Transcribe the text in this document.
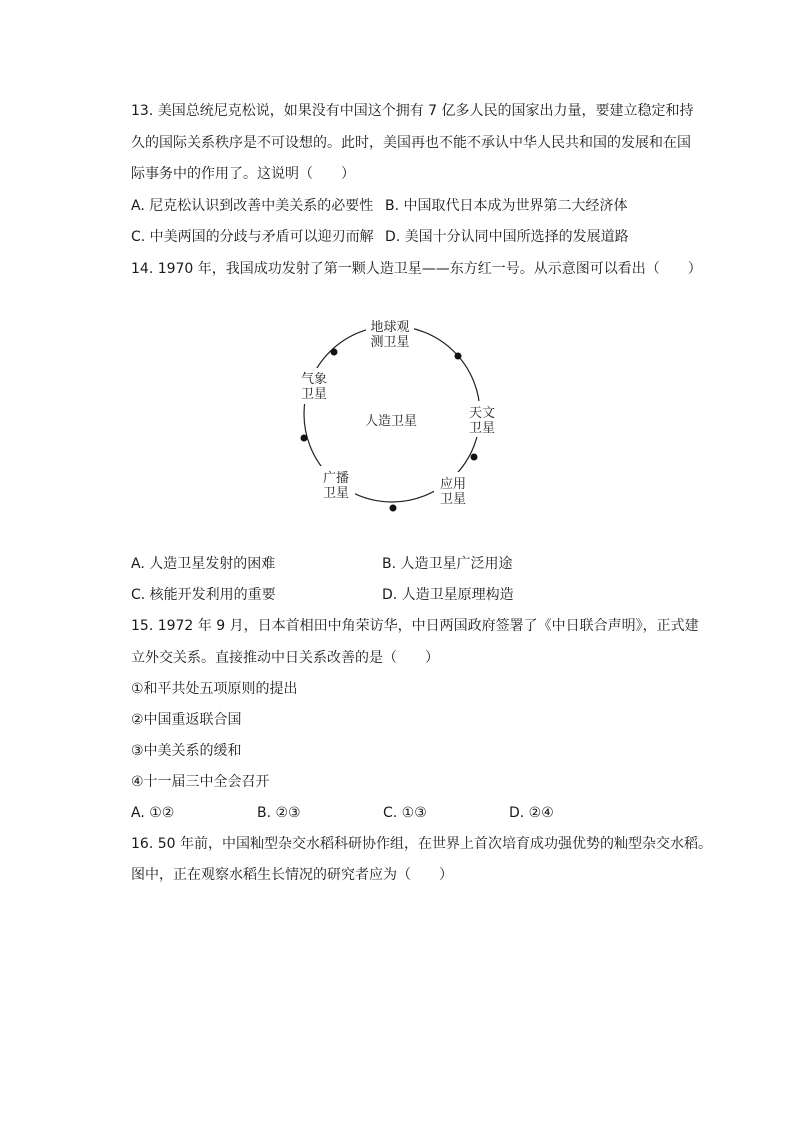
13. 美国总统尼克松说，如果没有中国这个拥有 7 亿多人民的国家出力量，要建立稳定和持
久的国际关系秩序是不可设想的。此时，美国再也不能不承认中华人民共和国的发展和在国
际事务中的作用了。这说明（　　）
A. 尼克松认识到改善中美关系的必要性 B. 中国取代日本成为世界第二大经济体
C. 中美两国的分歧与矛盾可以迎刃而解 D. 美国十分认同中国所选择的发展道路
14. 1970 年，我国成功发射了第一颗人造卫星——东方红一号。从示意图可以看出（　　）
地球观
测卫星
天文
卫星
应用
卫星
广播
卫星
气象
卫星
人造卫星
A. 人造卫星发射的困难	B. 人造卫星广泛用途
C. 核能开发利用的重要	D. 人造卫星原理构造
15. 1972 年 9 月，日本首相田中角荣访华，中日两国政府签署了《中日联合声明》，正式建
立外交关系。直接推动中日关系改善的是（　　）
①和平共处五项原则的提出
②中国重返联合国
③中美关系的缓和
④十一届三中全会召开
A. ①②	B. ②③	C. ①③	D. ②④
16. 50 年前，中国籼型杂交水稻科研协作组，在世界上首次培育成功强优势的籼型杂交水稻。
图中，正在观察水稻生长情况的研究者应为（　　）
